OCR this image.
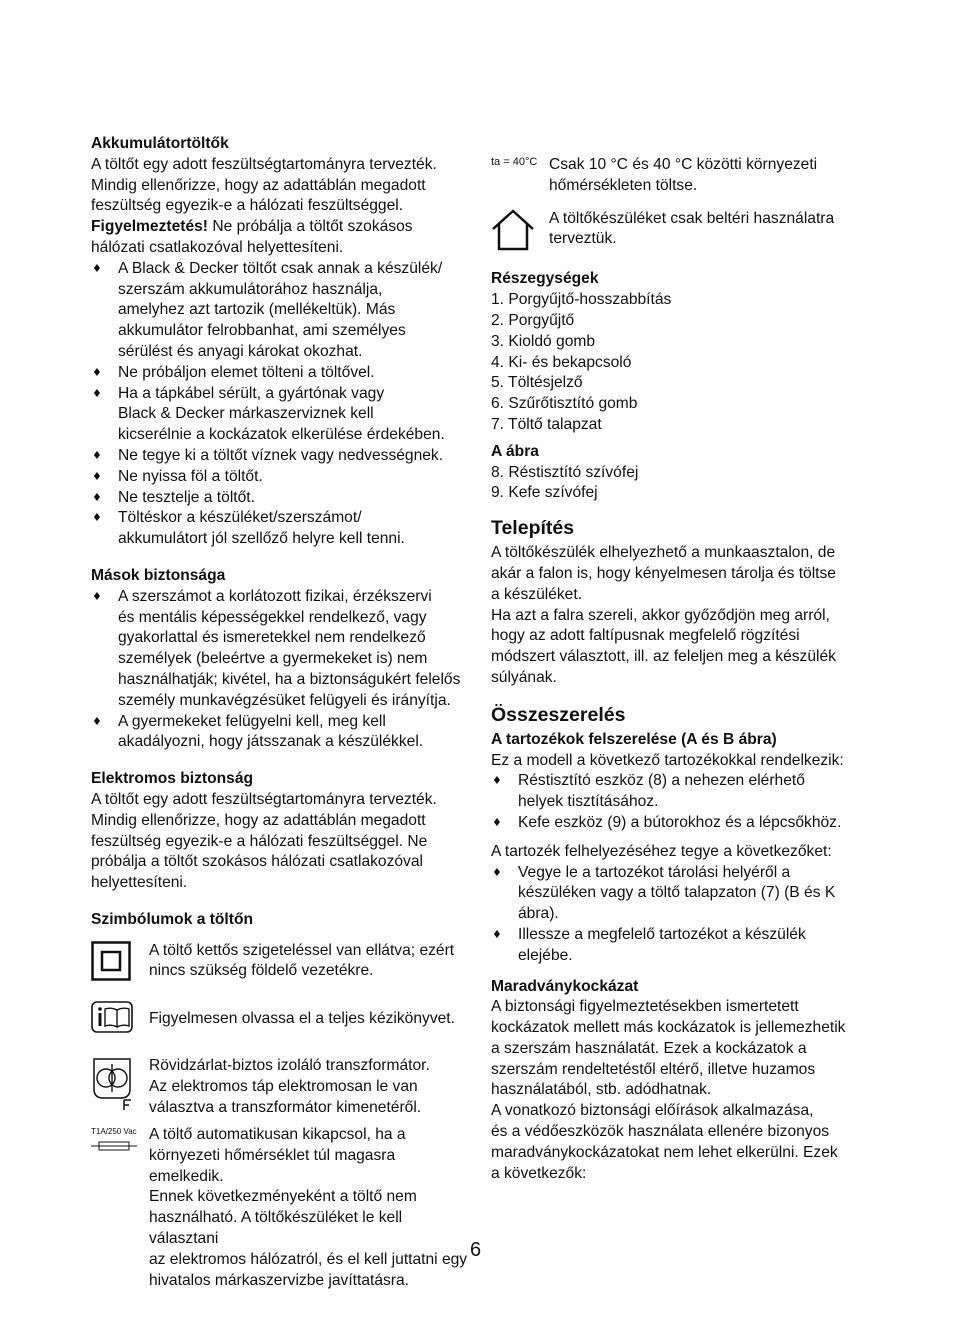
Akkumulátortöltők

A töltőt egy adott feszültségtartományra tervezték.

Mindig ellenőrizze, hogy az adattáblán megadott

feszültség egyezik-e a hálózati feszültséggel.

Figyelmeztetés! Ne próbálja a töltőt szokásos

hálózati csatlakozóval helyettesíteni.

♦ A Black & Decker töltőt csak annak a készülék/
szerszám akkumulátorához használja,
amelyhez azt tartozik (mellékeltük). Más
akkumulátor felrobbanhat, ami személyes
sérülést és anyagi károkat okozhat.
♦ Ne próbáljon elemet tölteni a töltővel.
♦ Ha a tápkábel sérült, a gyártónak vagy
Black & Decker márkaszerviznek kell
kicserélnie a kockázatok elkerülése érdekében.
♦ Ne tegye ki a töltőt víznek vagy nedvességnek.
♦ Ne nyissa föl a töltőt.
♦ Ne tesztelje a töltőt.
♦ Töltéskor a készüléket/szerszámot/
akkumulátort jól szellőző helyre kell tenni.

Mások biztonsága

♦ A szerszámot a korlátozott fizikai, érzékszervi
és mentális képességekkel rendelkező, vagy
gyakorlattal és ismeretekkel nem rendelkező
személyek (beleértve a gyermekeket is) nem
használhatják; kivétel, ha a biztonságukért felelős
személy munkavégzésüket felügyeli és irányítja.
♦ A gyermekeket felügyelni kell, meg kell
akadályozni, hogy játsszanak a készülékkel.

Elektromos biztonság

A töltőt egy adott feszültségtartományra tervezték.

Mindig ellenőrizze, hogy az adattáblán megadott

feszültség egyezik-e a hálózati feszültséggel. Ne

próbálja a töltőt szokásos hálózati csatlakozóval

helyettesíteni.

Szimbólumok a töltőn

A töltő kettős szigeteléssel van ellátva; ezért

nincs szükség földelő vezetékre.

Figyelmesen olvassa el a teljes kézikönyvet.

Rövidzárlat-biztos izoláló transzformátor.

Az elektromos táp elektromosan le van

választva a transzformátor kimenetéről.

T1A/250 Vac A töltő automatikusan kikapcsol, ha a

környezeti hőmérséklet túl magasra emelkedik.

Ennek következményeként a töltő nem

használható. A töltőkészüléket le kell választani

az elektromos hálózatról, és el kell juttatni egy

hivatalos márkaszervizbe javíttatásra.

ta = 40°C Csak 10 °C és 40 °C közötti környezeti

hőmérsékleten töltse.

A töltőkészüléket csak beltéri használatra

terveztük.

Részegységek

1. Porgyűjtő-hosszabbítás

2. Porgyűjtő

3. Kioldó gomb

4. Ki- és bekapcsoló

5. Töltésjelző

6. Szűrőtisztító gomb

7. Töltő talapzat

A ábra

8. Réstisztító szívófej

9. Kefe szívófej

Telepítés

A töltőkészülék elhelyezhető a munkaasztalon, de

akár a falon is, hogy kényelmesen tárolja és töltse

a készüléket.

Ha azt a falra szereli, akkor győződjön meg arról,

hogy az adott faltípusnak megfelelő rögzítési

módszert választott, ill. az feleljen meg a készülék

súlyának.

Összeszerelés

A tartozékok felszerelése (A és B ábra)

Ez a modell a következő tartozékokkal rendelkezik:

♦ Réstisztító eszköz (8) a nehezen elérhető
helyek tisztításához.
♦ Kefe eszköz (9) a bútorokhoz és a lépcsőkhöz.

A tartozék felhelyezéséhez tegye a következőket:

♦ Vegye le a tartozékot tárolási helyéről a
készüléken vagy a töltő talapzaton (7) (B és K
ábra).
♦ Illessze a megfelelő tartozékot a készülék
elejébe.

Maradványkockázat

A biztonsági figyelmeztetésekben ismertetett

kockázatok mellett más kockázatok is jellemezhetik

a szerszám használatát. Ezek a kockázatok a

szerszám rendeltetéstől eltérő, illetve huzamos

használatából, stb. adódhatnak.

A vonatkozó biztonsági előírások alkalmazása,

és a védőeszközök használata ellenére bizonyos

maradványkockázatokat nem lehet elkerülni. Ezek

a következők:

6
